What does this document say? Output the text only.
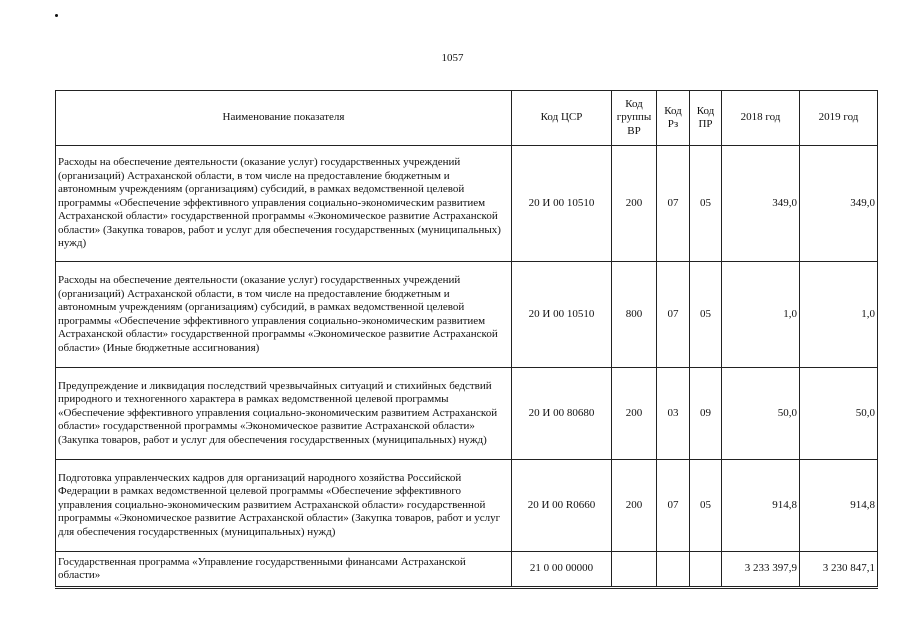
1057
Наименование показателя	Код ЦСР	Код группы ВР	Код Рз	Код ПР	2018 год	2019 год
Расходы на обеспечение деятельности (оказание услуг) государственных учреждений (организаций) Астраханской области, в том числе на предоставление бюджетным и автономным учреждениям (организациям) субсидий, в рамках ведомственной целевой программы «Обеспечение эффективного управления социально-экономическим развитием Астраханской области» государственной программы «Экономическое развитие Астраханской области» (Закупка товаров, работ и услуг для обеспечения государственных (муниципальных) нужд)	20 И 00 10510	200	07	05	349,0	349,0
Расходы на обеспечение деятельности (оказание услуг) государственных учреждений (организаций) Астраханской области, в том числе на предоставление бюджетным и автономным учреждениям (организациям) субсидий, в рамках ведомственной целевой программы «Обеспечение эффективного управления социально-экономическим развитием Астраханской области» государственной программы «Экономическое развитие Астраханской области» (Иные бюджетные ассигнования)	20 И 00 10510	800	07	05	1,0	1,0
Предупреждение и ликвидация последствий чрезвычайных ситуаций и стихийных бедствий природного и техногенного характера в рамках ведомственной целевой программы «Обеспечение эффективного управления социально-экономическим развитием Астраханской области» государственной программы «Экономическое развитие Астраханской области» (Закупка товаров, работ и услуг для обеспечения государственных (муниципальных) нужд)	20 И 00 80680	200	03	09	50,0	50,0
Подготовка управленческих кадров для организаций народного хозяйства Российской Федерации в рамках ведомственной целевой программы «Обеспечение эффективного управления социально-экономическим развитием Астраханской области» государственной программы «Экономическое развитие Астраханской области» (Закупка товаров, работ и услуг для обеспечения государственных (муниципальных) нужд)	20 И 00 R0660	200	07	05	914,8	914,8
Государственная программа «Управление государственными финансами Астраханской области»	21 0 00 00000				3 233 397,9	3 230 847,1
